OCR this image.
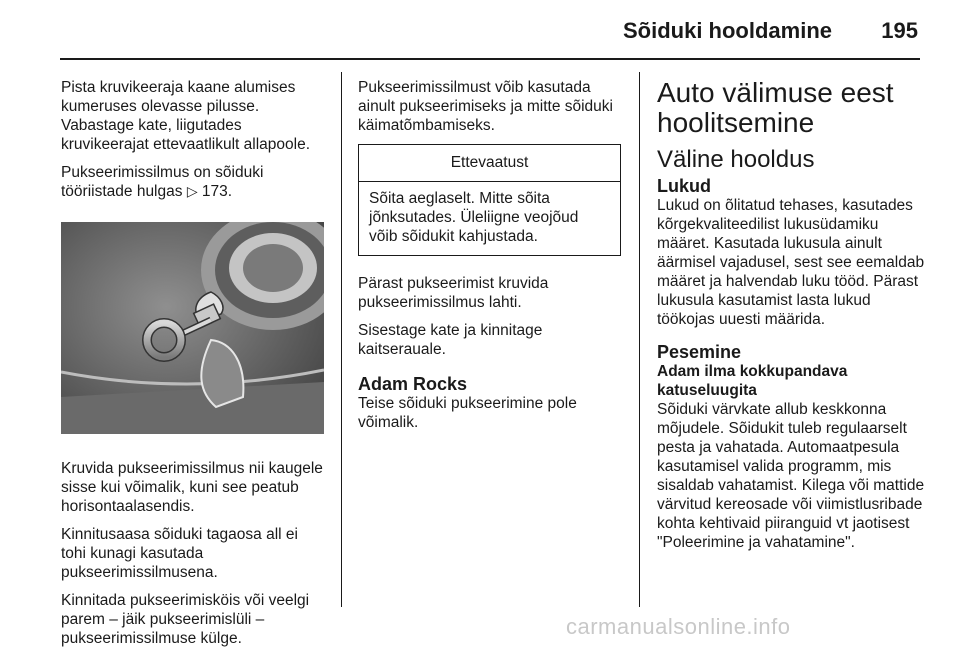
Sõiduki hooldamine 195

Pista kruvikeeraja kaane alumises kumeruses olevasse pilusse. Vabastage kate, liigutades kruvikeerajat ettevaatlikult allapoole.

Pukseerimissilmus on sõiduki tööriistade hulgas ▷ 173.

Kruvida pukseerimissilmus nii kaugele sisse kui võimalik, kuni see peatub horisontaalasendis.

Kinnitusaasa sõiduki tagaosa all ei tohi kunagi kasutada pukseerimissilmusena.

Kinnitada pukseerimisköis või veelgi parem – jäik pukseerimislüli – pukseerimissilmuse külge.

Pukseerimissilmust võib kasutada ainult pukseerimiseks ja mitte sõiduki käimatõmbamiseks.

Ettevaatust
Sõita aeglaselt. Mitte sõita jõnksutades. Üleliigne veojõud võib sõidukit kahjustada.

Pärast pukseerimist kruvida pukseerimissilmus lahti.

Sisestage kate ja kinnitage kaitserauale.

Adam Rocks

Teise sõiduki pukseerimine pole võimalik.

Auto välimuse eest hoolitsemine
Väline hooldus
Lukud

Lukud on õlitatud tehases, kasutades kõrgekvaliteedilist lukusüdamiku määret. Kasutada lukusula ainult äärmisel vajadusel, sest see eemaldab määret ja halvendab luku tööd. Pärast lukusula kasutamist lasta lukud töökojas uuesti määrida.

Pesemine
Adam ilma kokkupandava katuseluugita

Sõiduki värvkate allub keskkonna mõjudele. Sõidukit tuleb regulaarselt pesta ja vahatada. Automaatpesula kasutamisel valida programm, mis sisaldab vahatamist. Kilega või mattide värvitud kereosade või viimistlusribade kohta kehtivaid piiranguid vt jaotisest "Poleerimine ja vahatamine".

carmanualsonline.info
